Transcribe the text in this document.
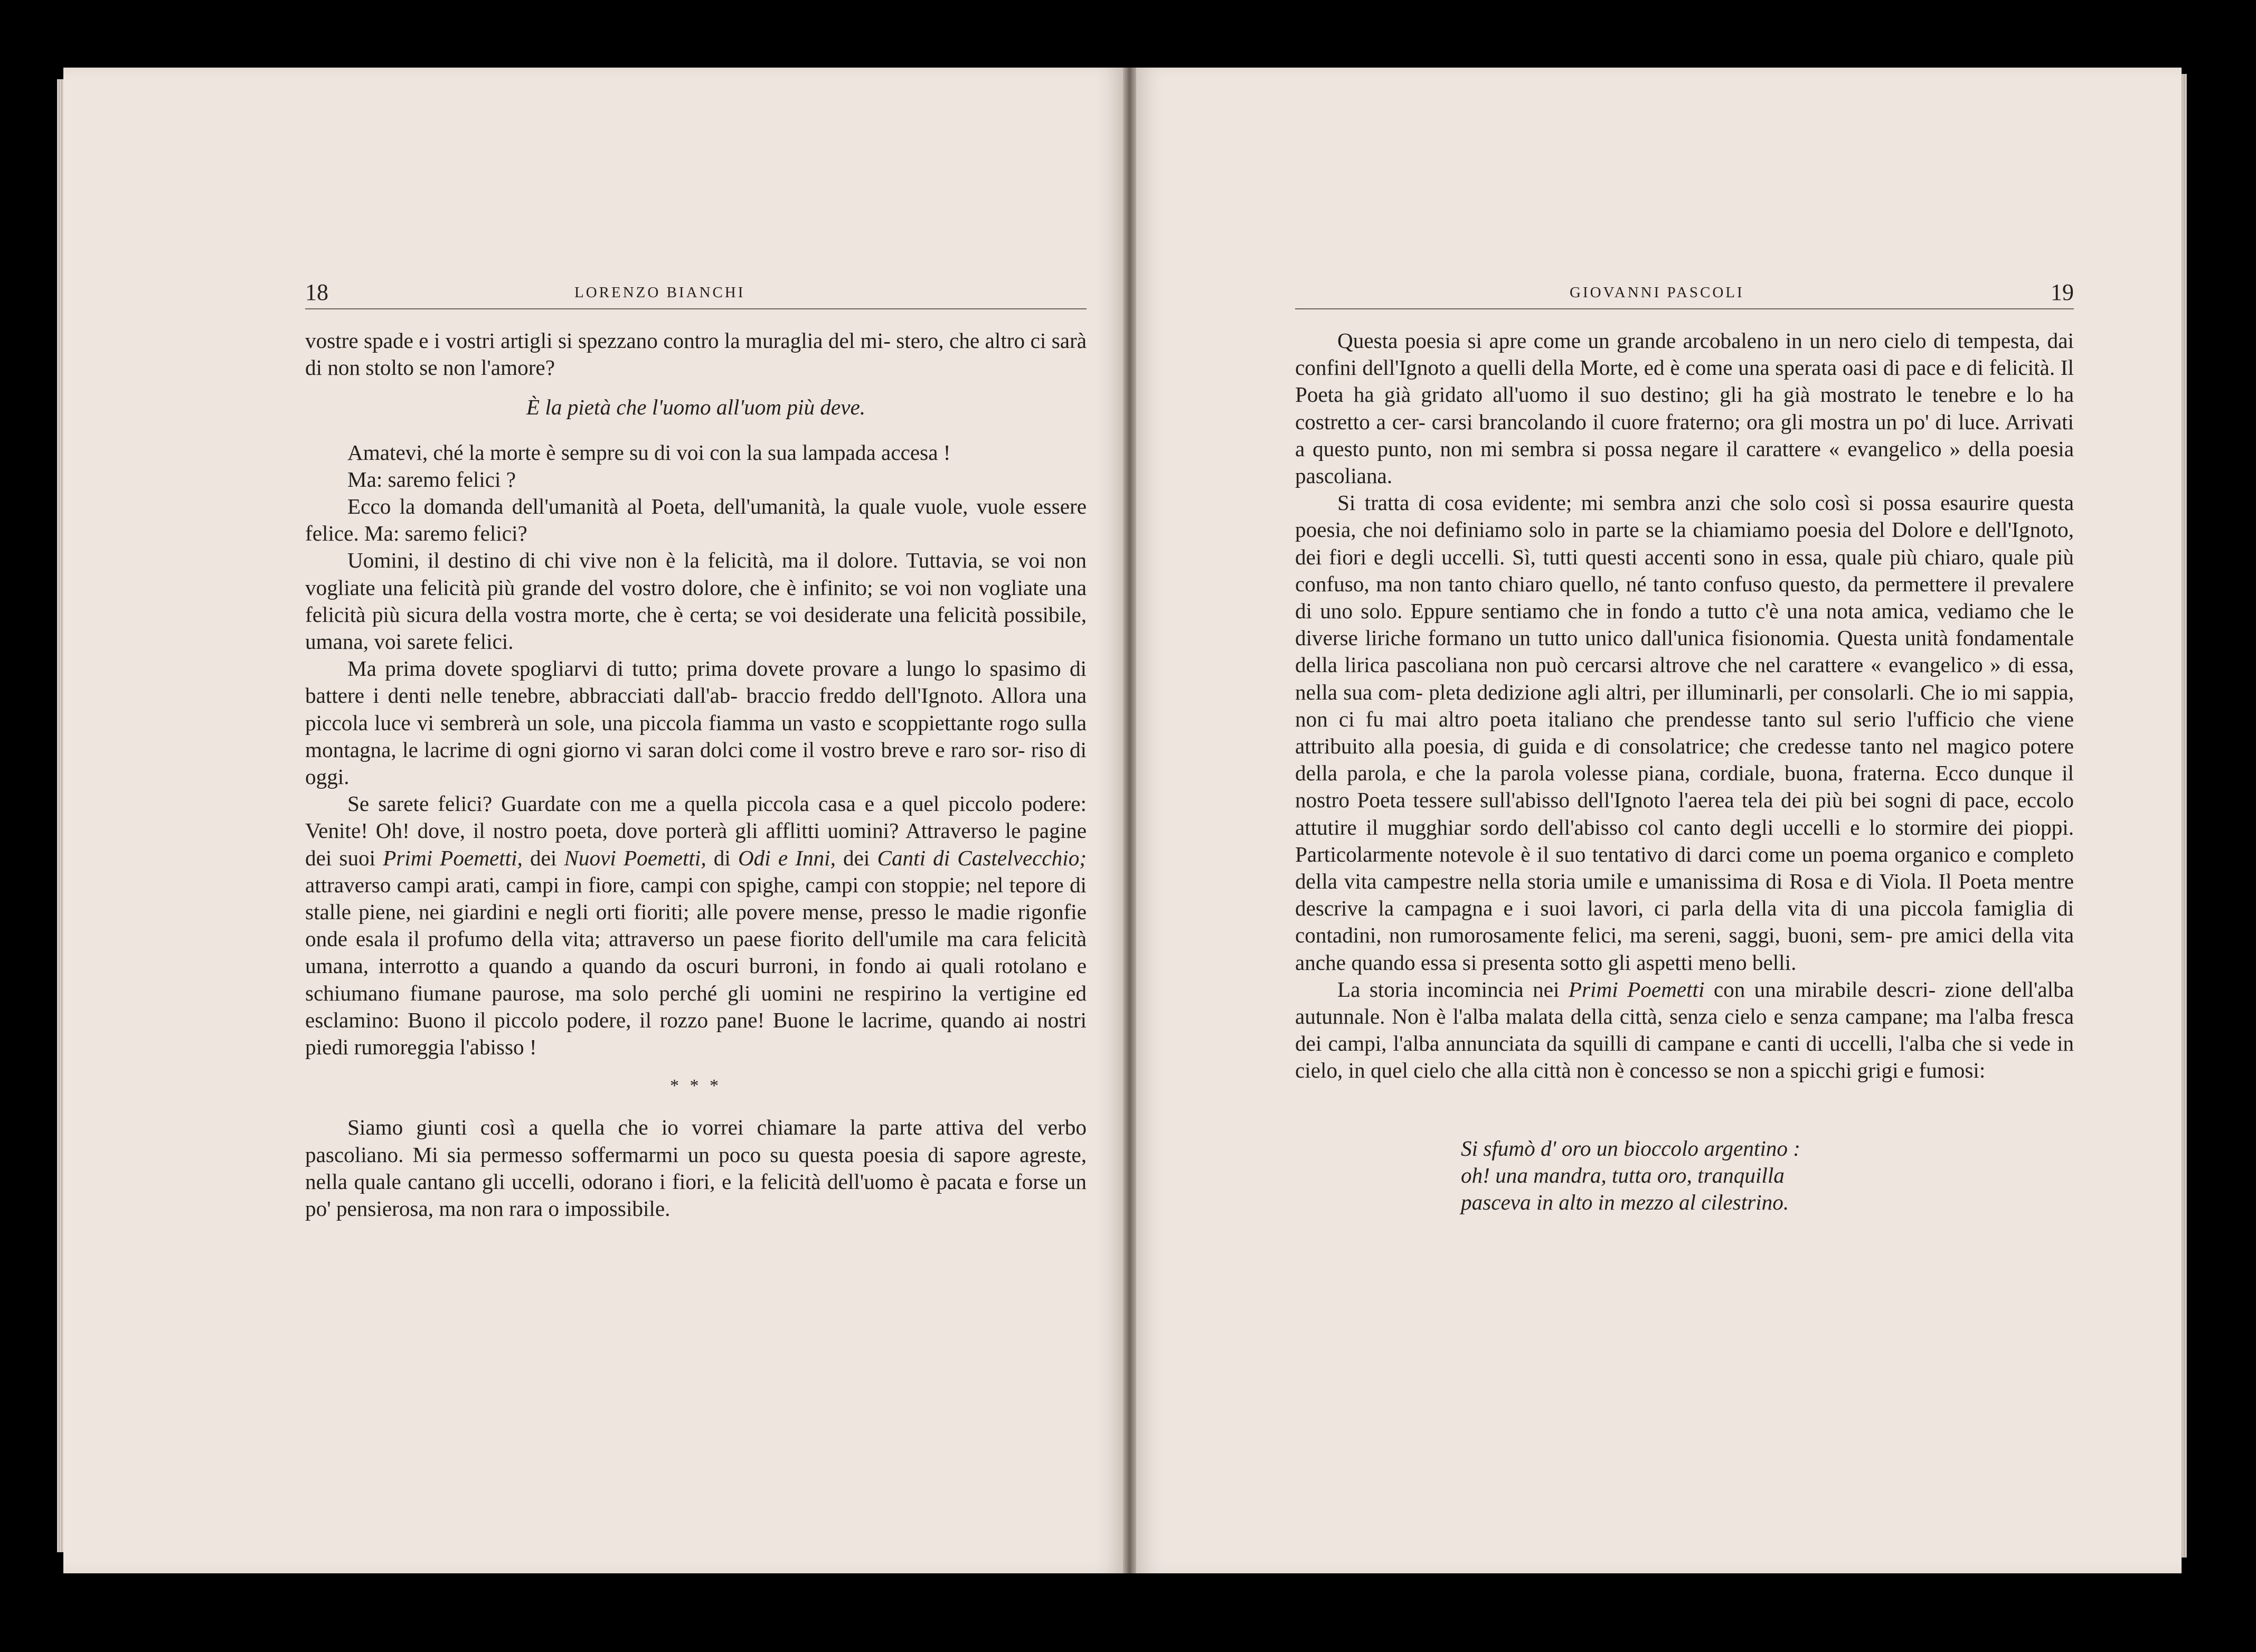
18	LORENZO BIANCHI

vostre spade e i vostri artigli si spezzano contro la muraglia del mi- stero, che altro ci sarà di non stolto se non l'amore?

È la pietà che l'uomo all'uom più deve.

Amatevi, ché la morte è sempre su di voi con la sua lampada accesa !

Ma: saremo felici ?

Ecco la domanda dell'umanità al Poeta, dell'umanità, la quale vuole, vuole essere felice. Ma: saremo felici?

Uomini, il destino di chi vive non è la felicità, ma il dolore. Tuttavia, se voi non vogliate una felicità più grande del vostro dolore, che è infinito; se voi non vogliate una felicità più sicura della vostra morte, che è certa; se voi desiderate una felicità possibile, umana, voi sarete felici.

Ma prima dovete spogliarvi di tutto; prima dovete provare a lungo lo spasimo di battere i denti nelle tenebre, abbracciati dall'ab- braccio freddo dell'Ignoto. Allora una piccola luce vi sembrerà un sole, una piccola fiamma un vasto e scoppiettante rogo sulla montagna, le lacrime di ogni giorno vi saran dolci come il vostro breve e raro sor- riso di oggi.

Se sarete felici? Guardate con me a quella piccola casa e a quel piccolo podere: Venite! Oh! dove, il nostro poeta, dove porterà gli afflitti uomini? Attraverso le pagine dei suoi Primi Poemetti, dei Nuovi Poemetti, di Odi e Inni, dei Canti di Castelvecchio; attraverso campi arati, campi in fiore, campi con spighe, campi con stoppie; nel tepore di stalle piene, nei giardini e negli orti fioriti; alle povere mense, presso le madie rigonfie onde esala il profumo della vita; attraverso un paese fiorito dell'umile ma cara felicità umana, interrotto a quando a quando da oscuri burroni, in fondo ai quali rotolano e schiumano fiumane paurose, ma solo perché gli uomini ne respirino la vertigine ed esclamino: Buono il piccolo podere, il rozzo pane! Buone le lacrime, quando ai nostri piedi rumoreggia l'abisso !

* * *

Siamo giunti così a quella che io vorrei chiamare la parte attiva del verbo pascoliano. Mi sia permesso soffermarmi un poco su questa poesia di sapore agreste, nella quale cantano gli uccelli, odorano i fiori, e la felicità dell'uomo è pacata e forse un po' pensierosa, ma non rara o impossibile.

GIOVANNI PASCOLI	19

Questa poesia si apre come un grande arcobaleno in un nero cielo di tempesta, dai confini dell'Ignoto a quelli della Morte, ed è come una sperata oasi di pace e di felicità. Il Poeta ha già gridato all'uomo il suo destino; gli ha già mostrato le tenebre e lo ha costretto a cer- carsi brancolando il cuore fraterno; ora gli mostra un po' di luce. Arrivati a questo punto, non mi sembra si possa negare il carattere « evangelico » della poesia pascoliana.

Si tratta di cosa evidente; mi sembra anzi che solo così si possa esaurire questa poesia, che noi definiamo solo in parte se la chiamiamo poesia del Dolore e dell'Ignoto, dei fiori e degli uccelli. Sì, tutti questi accenti sono in essa, quale più chiaro, quale più confuso, ma non tanto chiaro quello, né tanto confuso questo, da permettere il prevalere di uno solo. Eppure sentiamo che in fondo a tutto c'è una nota amica, vediamo che le diverse liriche formano un tutto unico dall'unica fisionomia. Questa unità fondamentale della lirica pascoliana non può cercarsi altrove che nel carattere « evangelico » di essa, nella sua com- pleta dedizione agli altri, per illuminarli, per consolarli. Che io mi sappia, non ci fu mai altro poeta italiano che prendesse tanto sul serio l'ufficio che viene attribuito alla poesia, di guida e di consolatrice; che credesse tanto nel magico potere della parola, e che la parola volesse piana, cordiale, buona, fraterna. Ecco dunque il nostro Poeta tessere sull'abisso dell'Ignoto l'aerea tela dei più bei sogni di pace, eccolo attutire il mugghiar sordo dell'abisso col canto degli uccelli e lo stormire dei pioppi. Particolarmente notevole è il suo tentativo di darci come un poema organico e completo della vita campestre nella storia umile e umanissima di Rosa e di Viola. Il Poeta mentre descrive la campagna e i suoi lavori, ci parla della vita di una piccola famiglia di contadini, non rumorosamente felici, ma sereni, saggi, buoni, sem- pre amici della vita anche quando essa si presenta sotto gli aspetti meno belli.

La storia incomincia nei Primi Poemetti con una mirabile descri- zione dell'alba autunnale. Non è l'alba malata della città, senza cielo e senza campane; ma l'alba fresca dei campi, l'alba annunciata da squilli di campane e canti di uccelli, l'alba che si vede in cielo, in quel cielo che alla città non è concesso se non a spicchi grigi e fumosi:

Si sfumò d' oro un bioccolo argentino :
oh! una mandra, tutta oro, tranquilla
pasceva in alto in mezzo al cilestrino.
